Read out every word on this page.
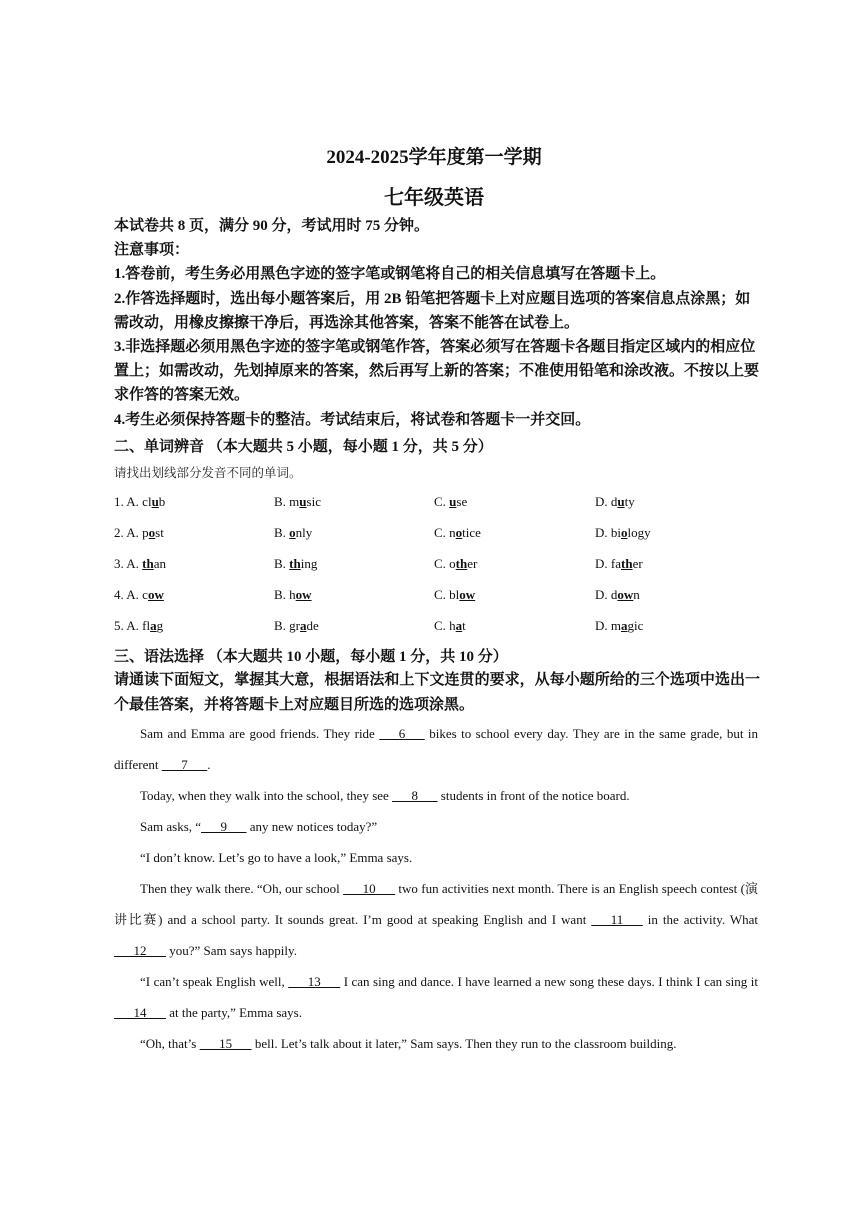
2024-2025学年度第一学期
七年级英语

本试卷共 8 页，满分 90 分，考试用时 75 分钟。

注意事项：

1.答卷前，考生务必用黑色字迹的签字笔或钢笔将自己的相关信息填写在答题卡上。

2.作答选择题时，选出每小题答案后，用 2B 铅笔把答题卡上对应题目选项的答案信息点涂黑；如需改动，用橡皮擦擦干净后，再选涂其他答案，答案不能答在试卷上。

3.非选择题必须用黑色字迹的签字笔或钢笔作答，答案必须写在答题卡各题目指定区域内的相应位置上；如需改动，先划掉原来的答案，然后再写上新的答案；不准使用铅笔和涂改液。不按以上要求作答的答案无效。

4.考生必须保持答题卡的整洁。考试结束后，将试卷和答题卡一并交回。

二、单词辨音 （本大题共 5 小题，每小题 1 分，共 5 分）
请找出划线部分发音不同的单词。
1. A. club	B. music	C. use	D. duty
2. A. post	B. only	C. notice	D. biology
3. A. than	B. thing	C. other	D. father
4. A. cow	B. how	C. blow	D. down
5. A. flag	B. grade	C. hat	D. magic
三、语法选择 （本大题共 10 小题，每小题 1 分，共 10 分）
请通读下面短文，掌握其大意，根据语法和上下文连贯的要求，从每小题所给的三个选项中选出一个最佳答案，并将答题卡上对应题目所选的选项涂黑。

Sam and Emma are good friends. They ride   6   bikes to school every day. They are in the same grade, but in different   7  .

Today, when they walk into the school, they see   8   students in front of the notice board.

Sam asks, “  9   any new notices today?”

“I don’t know. Let’s go to have a look,” Emma says.

Then they walk there. “Oh, our school   10   two fun activities next month. There is an English speech contest (演讲比赛) and a school party. It sounds great. I’m good at speaking English and I want   11   in the activity. What   12   you?” Sam says happily.

“I can’t speak English well,   13   I can sing and dance. I have learned a new song these days. I think I can sing it   14   at the party,” Emma says.

“Oh, that’s   15   bell. Let’s talk about it later,” Sam says. Then they run to the classroom building.
